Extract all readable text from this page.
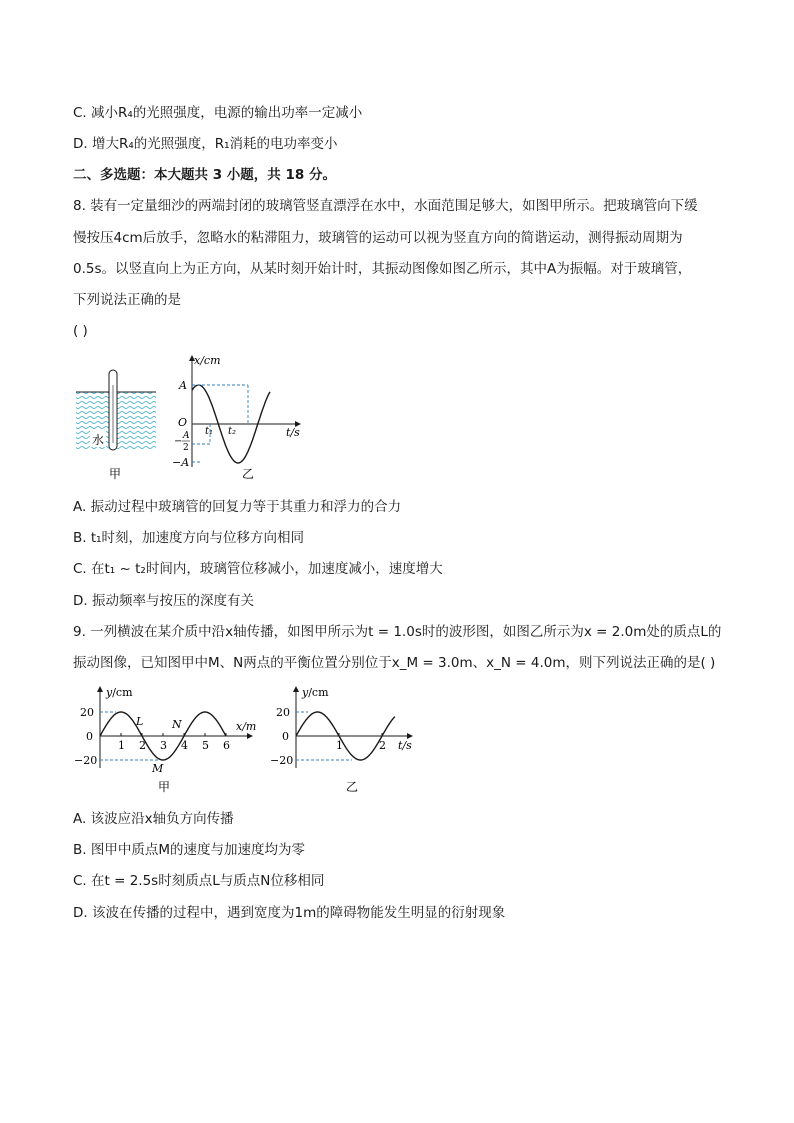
C. 减小R₄的光照强度，电源的输出功率一定减小
D. 增大R₄的光照强度，R₁消耗的电功率变小
二、多选题：本大题共 3 小题，共 18 分。
8. 装有一定量细沙的两端封闭的玻璃管竖直漂浮在水中，水面范围足够大，如图甲所示。把玻璃管向下缓
慢按压4cm后放手，忽略水的粘滞阻力，玻璃管的运动可以视为竖直方向的简谐运动，测得振动周期为
0.5s。以竖直向上为正方向，从某时刻开始计时，其振动图像如图乙所示，其中A为振幅。对于玻璃管，
下列说法正确的是
( )
水
甲
x/cm
t/s
A
O
A
−
2
−A
t₁ t₂
乙
A. 振动过程中玻璃管的回复力等于其重力和浮力的合力
B. t₁时刻，加速度方向与位移方向相同
C. 在t₁ ~ t₂时间内，玻璃管位移减小，加速度减小，速度增大
D. 振动频率与按压的深度有关
9. 一列横波在某介质中沿x轴传播，如图甲所示为t = 1.0s时的波形图，如图乙所示为x = 2.0m处的质点L的
振动图像，已知图甲中M、N两点的平衡位置分别位于x_M = 3.0m、x_N = 4.0m，则下列说法正确的是( )
1 2 3 4 5 6
y/cm
20
0
−20
x/m
L	N
M
甲
1	2
y/cm
20
0
−20
t/s
乙
A. 该波应沿x轴负方向传播
B. 图甲中质点M的速度与加速度均为零
C. 在t = 2.5s时刻质点L与质点N位移相同
D. 该波在传播的过程中，遇到宽度为1m的障碍物能发生明显的衍射现象
